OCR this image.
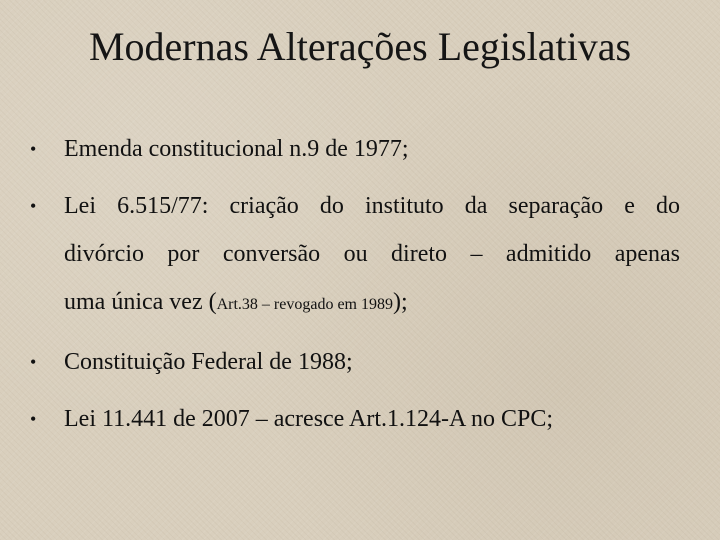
Modernas Alterações Legislativas
• Emenda constitucional n.9 de 1977;
• Lei 6.515/77: criação do instituto da separação e do
divórcio por conversão ou direto – admitido apenas
uma única vez (Art.38 – revogado em 1989);
• Constituição Federal de 1988;
• Lei 11.441 de 2007 – acresce Art.1.124-A no CPC;
